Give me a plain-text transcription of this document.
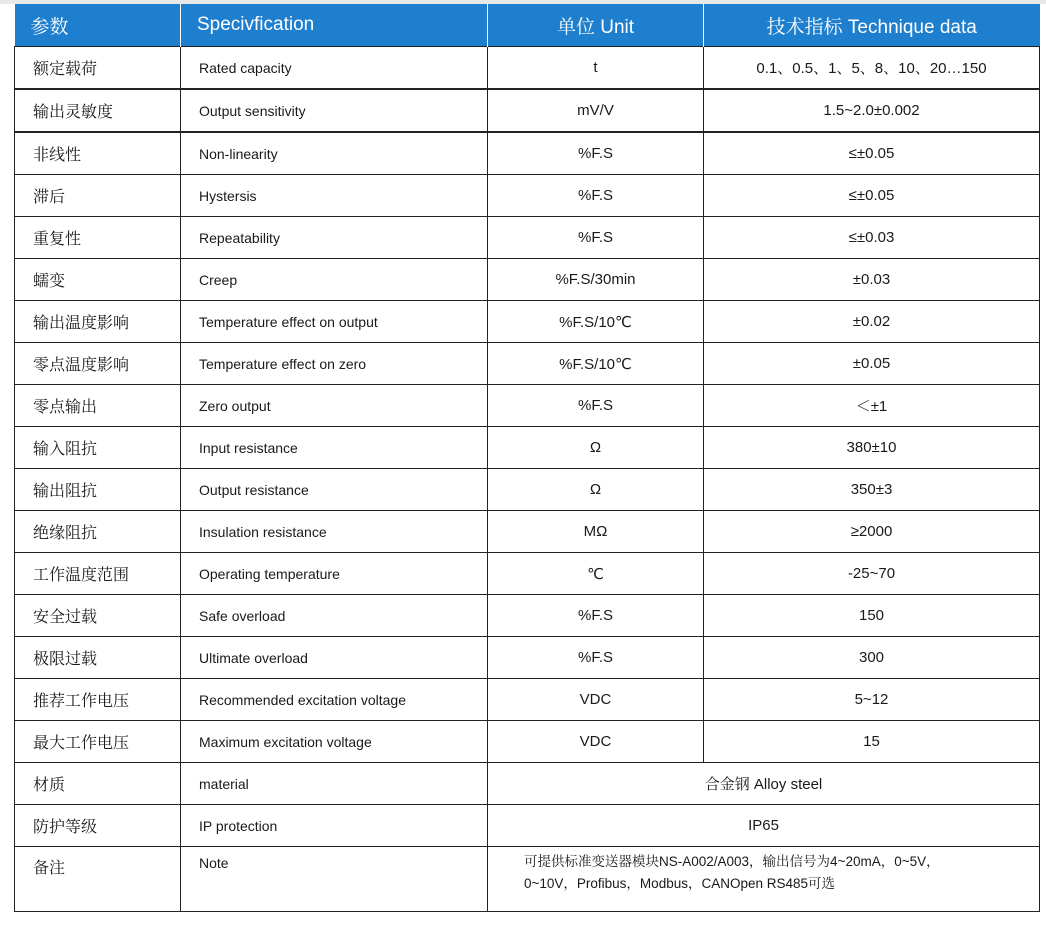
参数	Specivfication	单位 Unit	技术指标 Technique data
额定载荷	Rated capacity	t	0.1、0.5、1、5、8、10、20…150
输出灵敏度	Output sensitivity	mV/V	1.5~2.0±0.002
非线性	Non-linearity	%F.S	≤±0.05
滞后	Hystersis	%F.S	≤±0.05
重复性	Repeatability	%F.S	≤±0.03
蠕变	Creep	%F.S/30min	±0.03
输出温度影响	Temperature effect on output	%F.S/10℃	±0.02
零点温度影响	Temperature effect on zero	%F.S/10℃	±0.05
零点输出	Zero output	%F.S	＜±1
输入阻抗	Input resistance	Ω	380±10
输出阻抗	Output resistance	Ω	350±3
绝缘阻抗	Insulation resistance	MΩ	≥2000
工作温度范围	Operating temperature	℃	-25~70
安全过载	Safe overload	%F.S	150
极限过载	Ultimate overload	%F.S	300
推荐工作电压	Recommended excitation voltage	VDC	5~12
最大工作电压	Maximum excitation voltage	VDC	15
材质	material	合金钢 Alloy steel	
防护等级	IP protection	IP65	
备注	Note	可提供标准变送器模块NS-A002/A003，输出信号为4~20mA，0~5V，
0~10V，Profibus，Modbus，CANOpen RS485可选	
